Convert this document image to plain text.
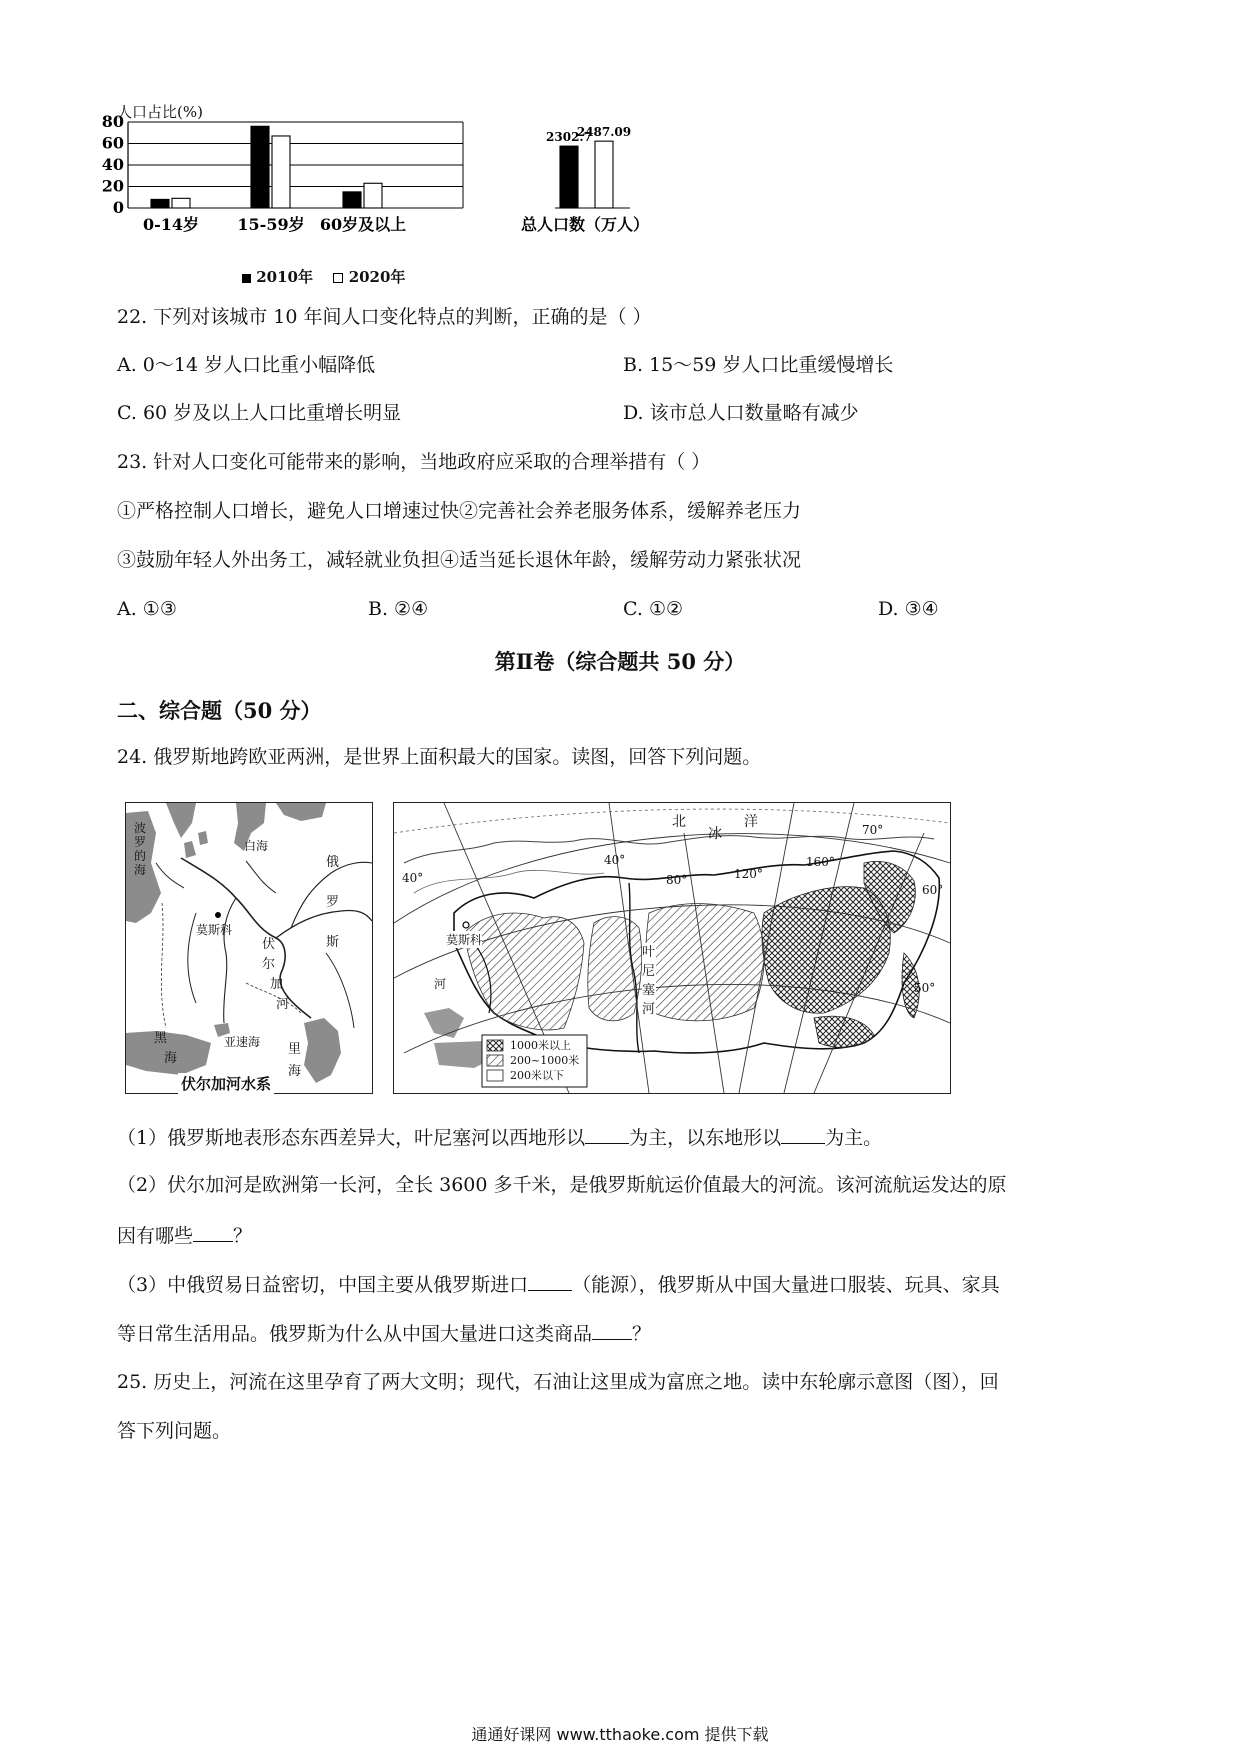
人口占比(%)
0
20
40
60
80
0-14岁 15-59岁 60岁及以上
2302.7
2487.09
总人口数（万人）
2010年 2020年
22. 下列对该城市 10 年间人口变化特点的判断，正确的是（ ）
A. 0～14 岁人口比重小幅降低	B. 15～59 岁人口比重缓慢增长
C. 60 岁及以上人口比重增长明显	D. 该市总人口数量略有减少
23. 针对人口变化可能带来的影响，当地政府应采取的合理举措有（ ）
①严格控制人口增长，避免人口增速过快②完善社会养老服务体系，缓解养老压力
③鼓励年轻人外出务工，减轻就业负担④适当延长退休年龄，缓解劳动力紧张状况
A. ①③	B. ②④	C. ①②	D. ③④
第Ⅱ卷（综合题共 50 分）
二、综合题（50 分）
24. 俄罗斯地跨欧亚两洲，是世界上面积最大的国家。读图，回答下列问题。
波
罗
的
海
白海
俄
罗
斯
莫斯科
伏
尔
加
河
黑
海
亚速海 里
海
伏尔加河水系
北冰洋
莫斯科
河
叶
尼
塞
河
40°
80°	120°
160°
70°
60°
50°
40°
1000米以上
200~1000米
200米以下
（1）俄罗斯地表形态东西差异大，叶尼塞河以西地形以 为主，以东地形以 为主。
（2）伏尔加河是欧洲第一长河，全长 3600 多千米，是俄罗斯航运价值最大的河流。该河流航运发达的原
因有哪些 ？
（3）中俄贸易日益密切，中国主要从俄罗斯进口 （能源），俄罗斯从中国大量进口服装、玩具、家具
等日常生活用品。俄罗斯为什么从中国大量进口这类商品 ？
25. 历史上，河流在这里孕育了两大文明；现代，石油让这里成为富庶之地。读中东轮廓示意图（图），回
答下列问题。
通通好课网 www.tthaoke.com 提供下载
